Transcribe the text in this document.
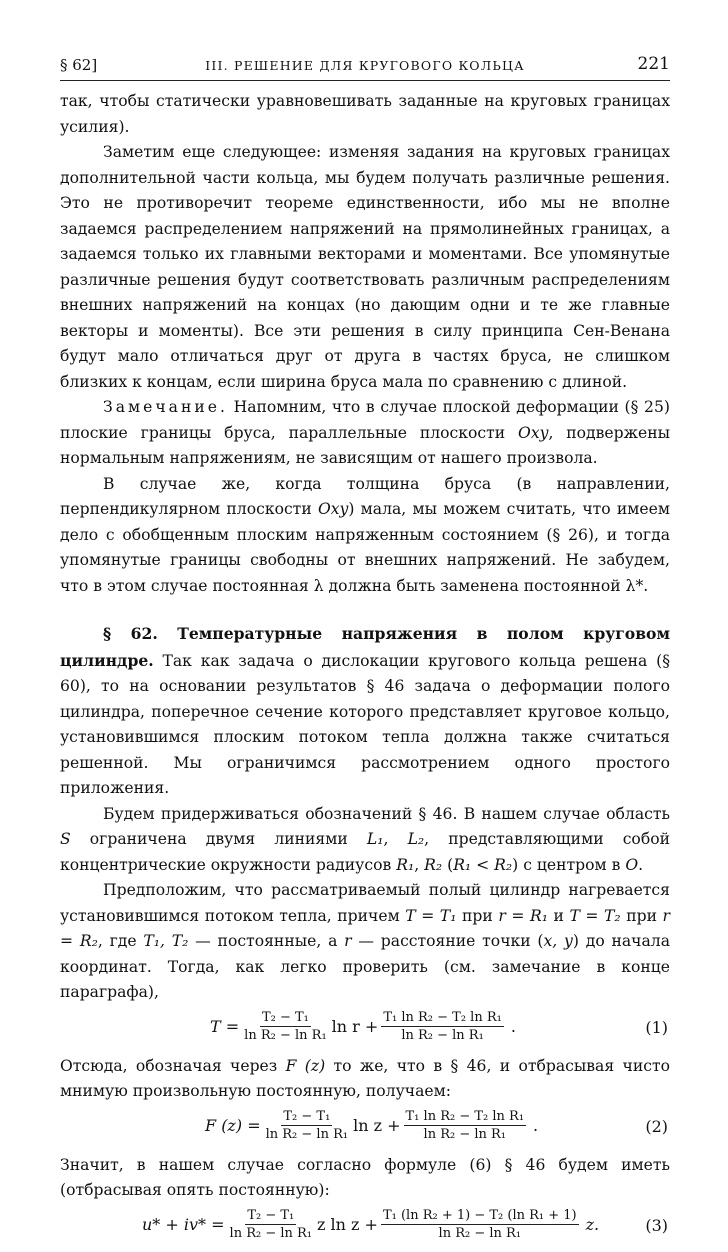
§ 62]	III. РЕШЕНИЕ ДЛЯ КРУГОВОГО КОЛЬЦА	221

так, чтобы статически уравновешивать заданные на круговых границах усилия).

Заметим еще следующее: изменяя задания на круговых границах дополнительной части кольца, мы будем получать различные решения. Это не противоречит теореме единственности, ибо мы не вполне задаемся распределением напряжений на прямолинейных границах, а задаемся только их главными векторами и моментами. Все упомянутые различные решения будут соответствовать различным распределениям внешних напряжений на концах (но дающим одни и те же главные векторы и моменты). Все эти решения в силу принципа Сен-Венана будут мало отличаться друг от друга в частях бруса, не слишком близких к концам, если ширина бруса мала по сравнению с длиной.

Замечание. Напомним, что в случае плоской деформации (§ 25) плоские границы бруса, параллельные плоскости Oxy, подвержены нормальным напряжениям, не зависящим от нашего произвола.

В случае же, когда толщина бруса (в направлении, перпендикулярном плоскости Oxy) мала, мы можем считать, что имеем дело с обобщенным плоским напряженным состоянием (§ 26), и тогда упомянутые границы свободны от внешних напряжений. Не забудем, что в этом случае постоянная λ должна быть заменена постоянной λ*.

§ 62. Температурные напряжения в полом круговом цилиндре. Так как задача о дислокации кругового кольца решена (§ 60), то на основании результатов § 46 задача о деформации полого цилиндра, поперечное сечение которого представляет круговое кольцо, установившимся плоским потоком тепла должна также считаться решенной. Мы ограничимся рассмотрением одного простого приложения.

Будем придерживаться обозначений § 46. В нашем случае область S ограничена двумя линиями L₁, L₂, представляющими собой концентрические окружности радиусов R₁, R₂ (R₁ < R₂) с центром в O.

Предположим, что рассматриваемый полый цилиндр нагревается установившимся потоком тепла, причем T = T₁ при r = R₁ и T = T₂ при r = R₂, где T₁, T₂ — постоянные, а r — расстояние точки (x, y) до начала координат. Тогда, как легко проверить (см. замечание в конце параграфа),

$T = \frac{\text{T₂ − T₁}}{\text{ln R₂ − ln R₁}}$ $\ln r + \frac{\text{T₁ ln R₂ − T₂ ln R₁}}{\text{ln R₂ − ln R₁}}$ .	(1)

Отсюда, обозначая через F (z) то же, что в § 46, и отбрасывая чисто мнимую произвольную постоянную, получаем:

F $(z) = \frac{\text{T₂ − T₁}}{\text{ln R₂ − ln R₁}}$ $\ln z + \frac{\text{T₁ ln R₂ − T₂ ln R₁}}{\text{ln R₂ − ln R₁}}$ .	(2)

Значит, в нашем случае согласно формуле (6) § 46 будем иметь (отбрасывая опять постоянную):

$u* + iv* = \frac{\text{T₂ − T₁}}{\text{ln R₂ − ln R₁}}$ z $\ln z + \frac{\text{T₁ (ln R₂ + 1) − T₂ (ln R₁ + 1)}}{\text{ln R₂ − ln R₁}} z$.	(3)
